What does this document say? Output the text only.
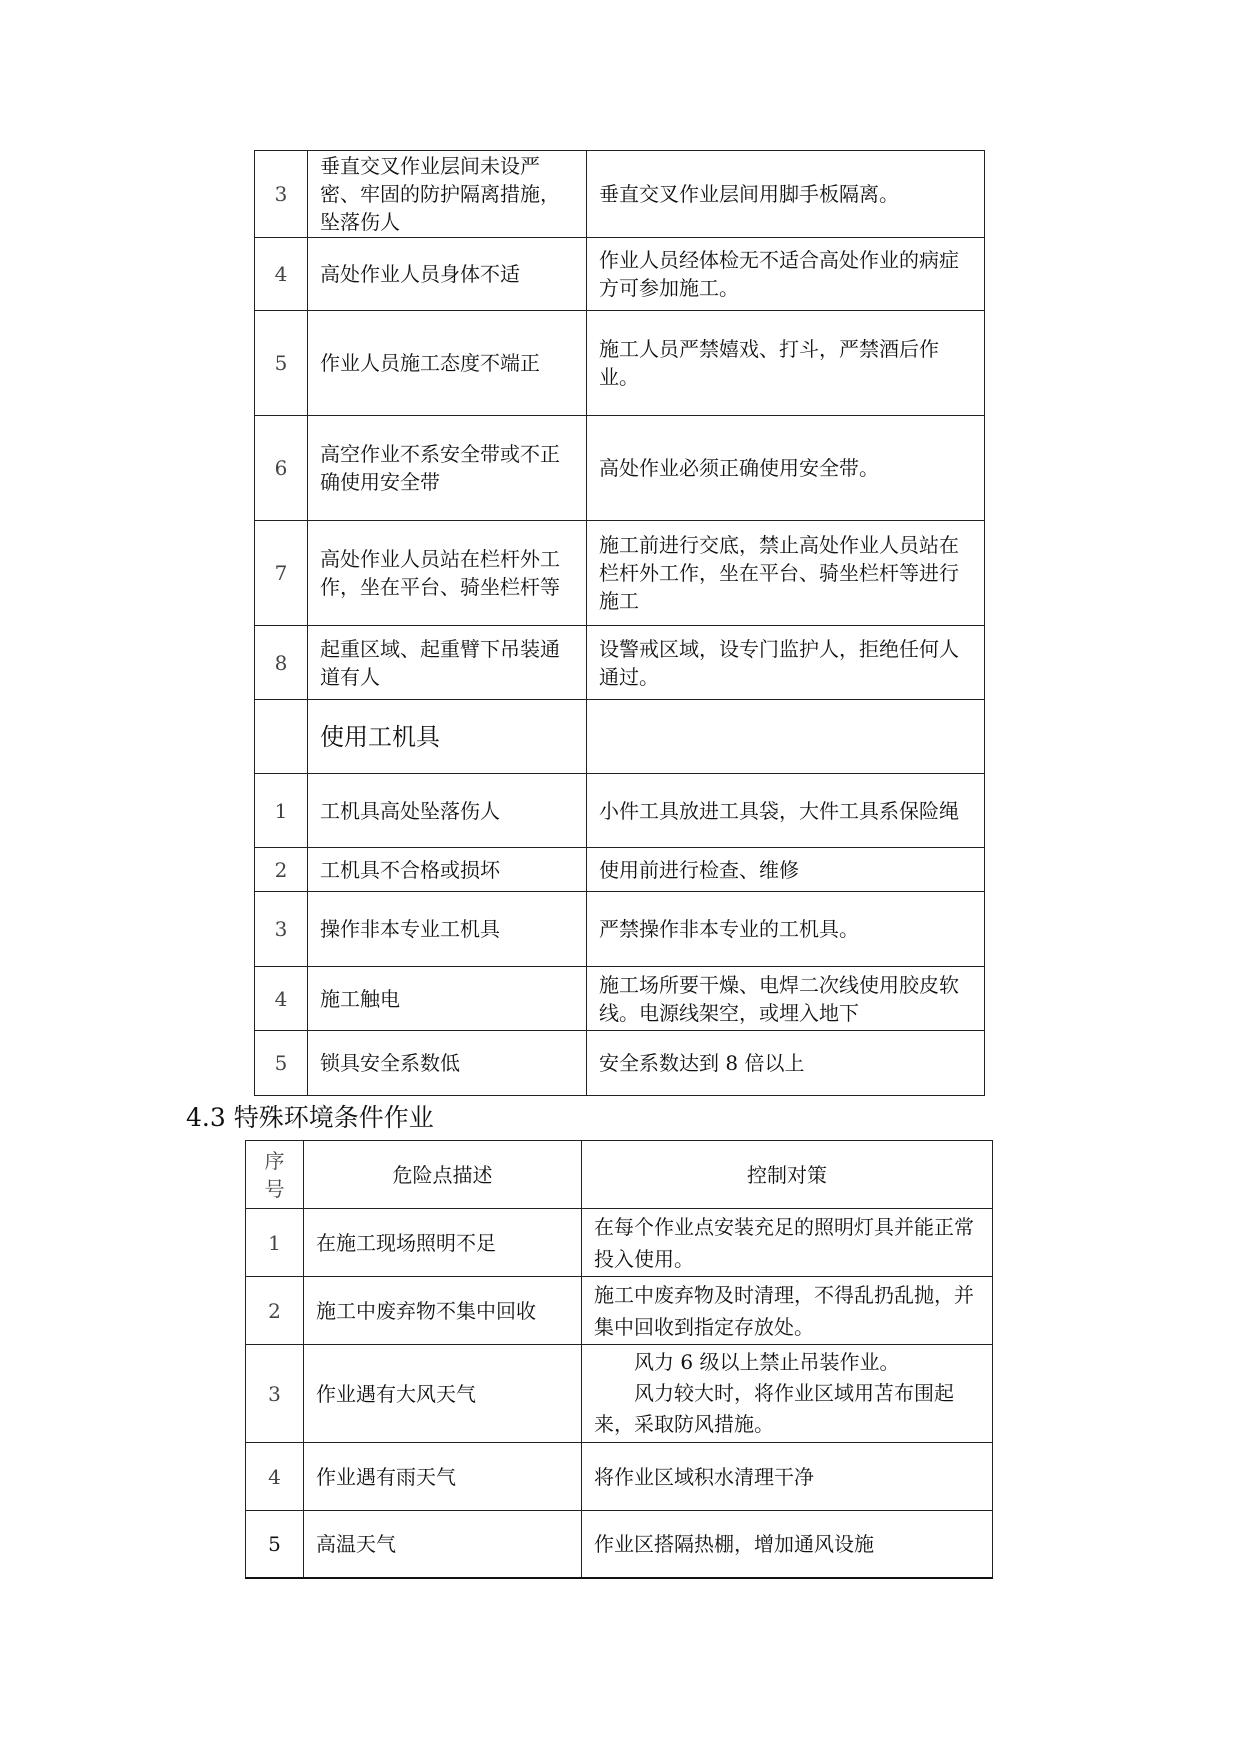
3	垂直交叉作业层间未设严密、牢固的防护隔离措施，坠落伤人	垂直交叉作业层间用脚手板隔离。
4	高处作业人员身体不适	作业人员经体检无不适合高处作业的病症方可参加施工。
5	作业人员施工态度不端正	施工人员严禁嬉戏、打斗，严禁酒后作业。
6	高空作业不系安全带或不正确使用安全带	高处作业必须正确使用安全带。
7	高处作业人员站在栏杆外工作，坐在平台、骑坐栏杆等	施工前进行交底，禁止高处作业人员站在栏杆外工作，坐在平台、骑坐栏杆等进行施工
8	起重区域、起重臂下吊装通道有人	设警戒区域，设专门监护人，拒绝任何人通过。
	使用工机具	
1	工机具高处坠落伤人	小件工具放进工具袋，大件工具系保险绳
2	工机具不合格或损坏	使用前进行检查、维修
3	操作非本专业工机具	严禁操作非本专业的工机具。
4	施工触电	施工场所要干燥、电焊二次线使用胶皮软线。电源线架空，或埋入地下
5	锁具安全系数低	安全系数达到 8 倍以上
4.3 特殊环境条件作业
序号	危险点描述	控制对策
1	在施工现场照明不足	在每个作业点安装充足的照明灯具并能正常投入使用。
2	施工中废弃物不集中回收	施工中废弃物及时清理，不得乱扔乱抛，并集中回收到指定存放处。
3	作业遇有大风天气	风力 6 级以上禁止吊装作业。
风力较大时，将作业区域用苫布围起来，采取防风措施。

4	作业遇有雨天气	将作业区域积水清理干净
5	高温天气	作业区搭隔热棚，增加通风设施
